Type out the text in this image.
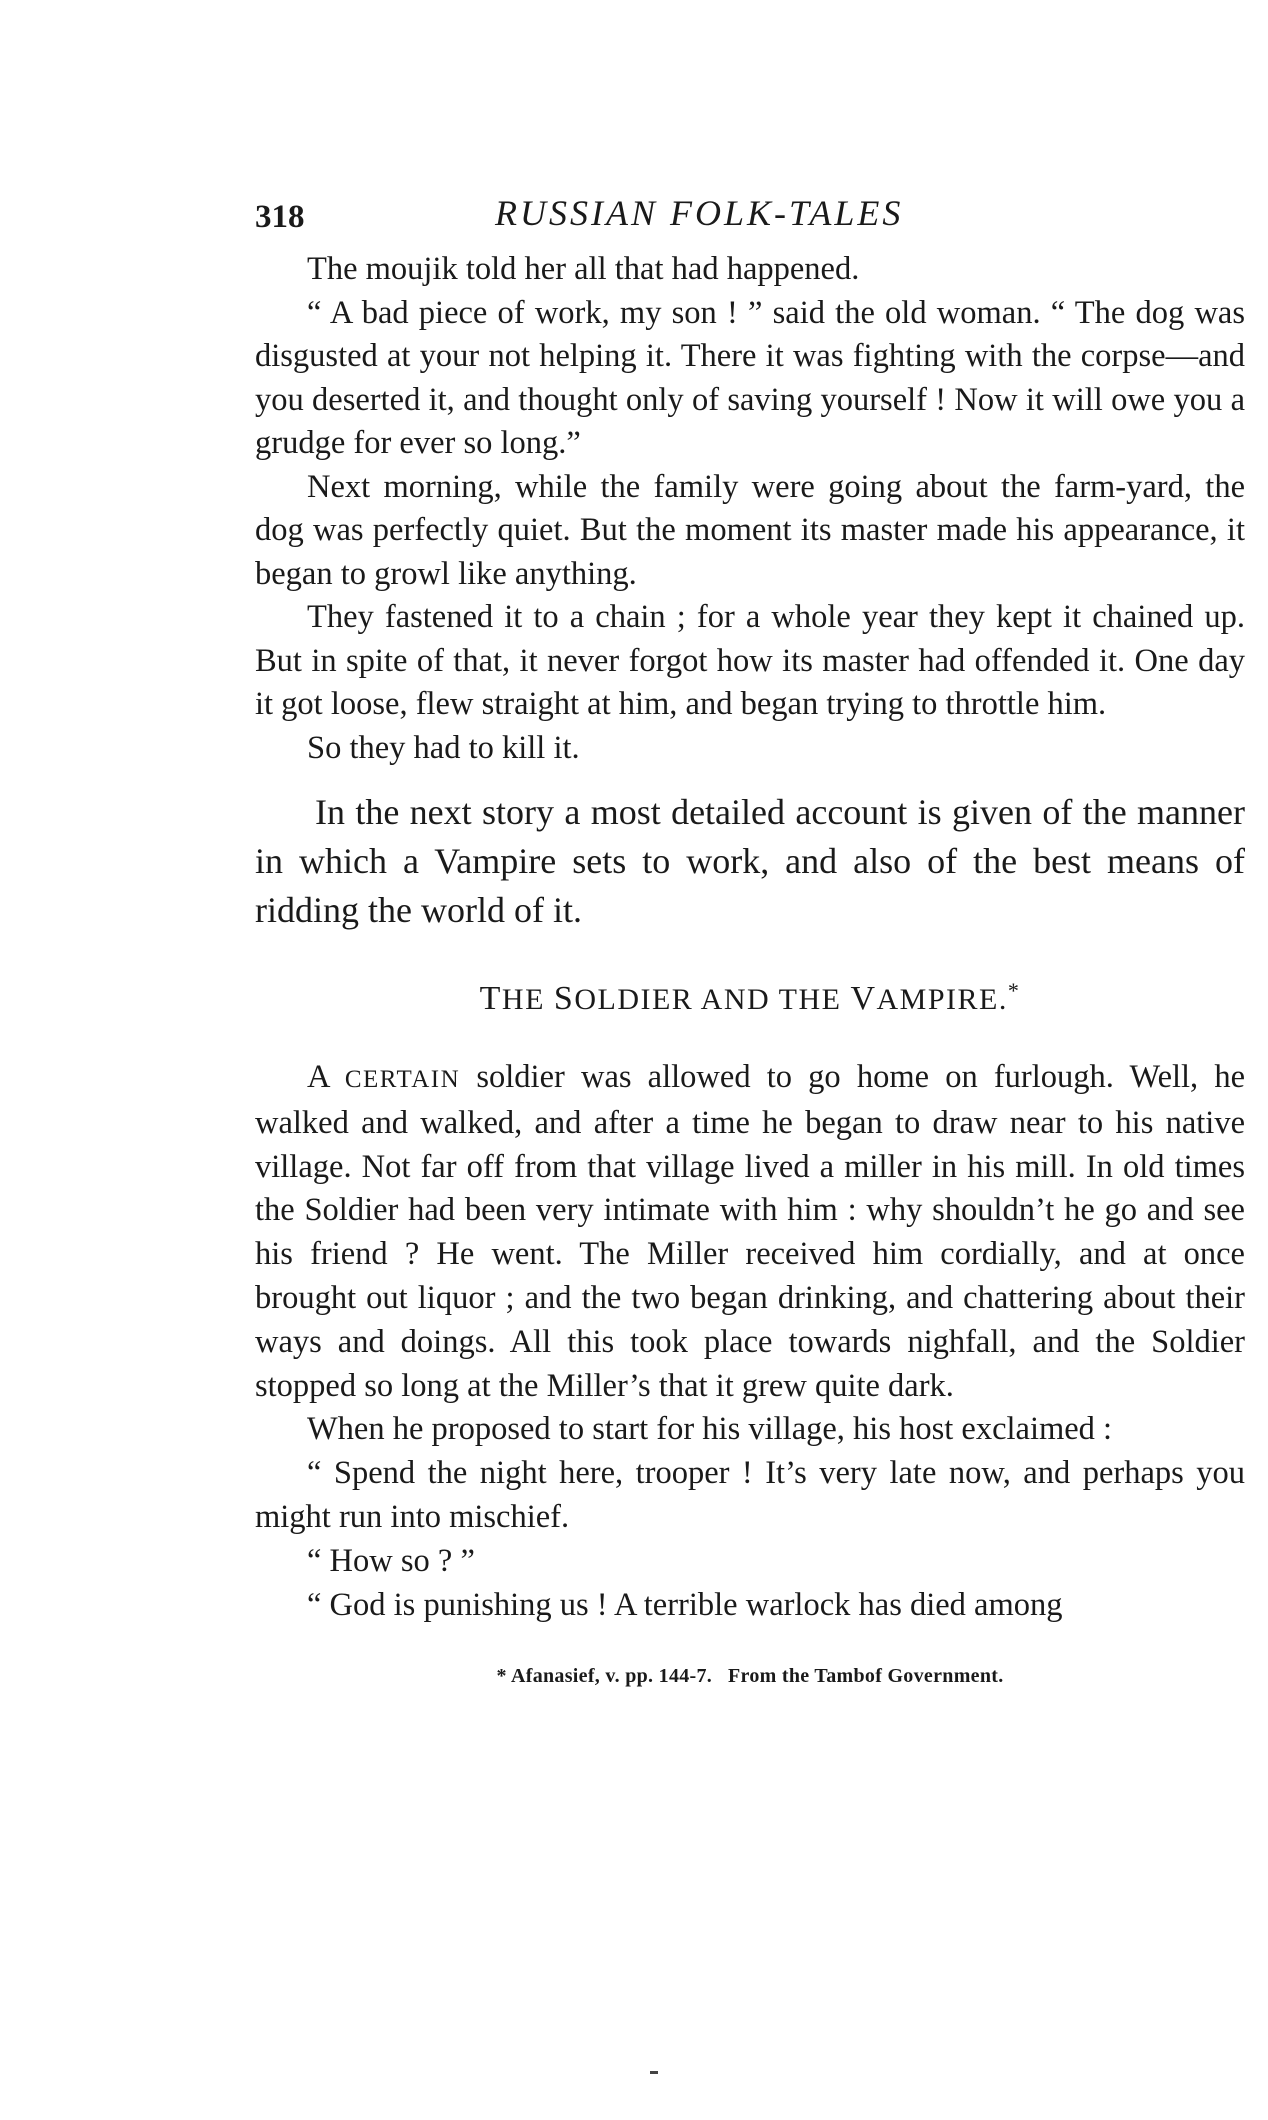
318	RUSSIAN FOLK-TALES

The moujik told her all that had happened.

“ A bad piece of work, my son ! ” said the old woman. “ The dog was disgusted at your not helping it. There it was fighting with the corpse—and you deserted it, and thought only of saving yourself ! Now it will owe you a grudge for ever so long.”

Next morning, while the family were going about the farm-yard, the dog was perfectly quiet. But the moment its master made his appearance, it began to growl like anything.

They fastened it to a chain ; for a whole year they kept it chained up. But in spite of that, it never forgot how its master had offended it. One day it got loose, flew straight at him, and began trying to throttle him.

So they had to kill it.

In the next story a most detailed account is given of the manner in which a Vampire sets to work, and also of the best means of ridding the world of it.

THE SOLDIER AND THE VAMPIRE.*

A CERTAIN soldier was allowed to go home on furlough. Well, he walked and walked, and after a time he began to draw near to his native village. Not far off from that village lived a miller in his mill. In old times the Soldier had been very intimate with him : why shouldn’t he go and see his friend ? He went. The Miller received him cordially, and at once brought out liquor ; and the two began drinking, and chattering about their ways and doings. All this took place towards nighfall, and the Soldier stopped so long at the Miller’s that it grew quite dark.

When he proposed to start for his village, his host exclaimed :

“ Spend the night here, trooper ! It’s very late now, and perhaps you might run into mischief.

“ How so ? ”

“ God is punishing us ! A terrible warlock has died among

* Afanasief, v. pp. 144-7. From the Tambof Government.
